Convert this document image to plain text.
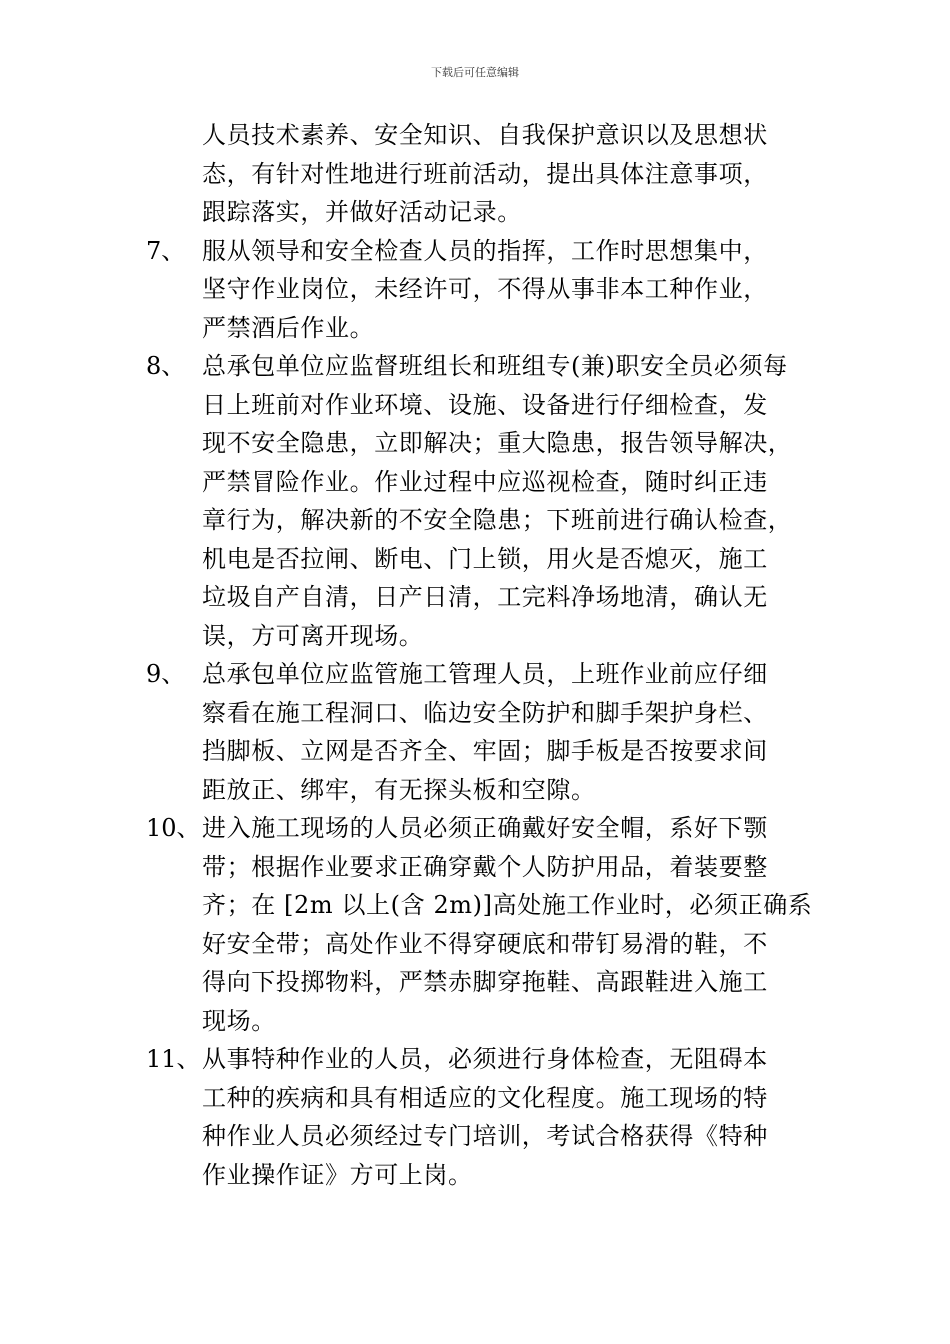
下载后可任意编辑
人员技术素养、安全知识、自我保护意识以及思想状
态，有针对性地进行班前活动，提出具体注意事项，
跟踪落实，并做好活动记录。
7、 服从领导和安全检查人员的指挥，工作时思想集中，
坚守作业岗位，未经许可，不得从事非本工种作业，
严禁酒后作业。
8、 总承包单位应监督班组长和班组专(兼)职安全员必须每
日上班前对作业环境、设施、设备进行仔细检查，发
现不安全隐患，立即解决；重大隐患，报告领导解决，
严禁冒险作业。作业过程中应巡视检查，随时纠正违
章行为，解决新的不安全隐患；下班前进行确认检查，
机电是否拉闸、断电、门上锁，用火是否熄灭，施工
垃圾自产自清，日产日清，工完料净场地清，确认无
误，方可离开现场。
9、 总承包单位应监管施工管理人员，上班作业前应仔细
察看在施工程洞口、临边安全防护和脚手架护身栏、
挡脚板、立网是否齐全、牢固；脚手板是否按要求间
距放正、绑牢，有无探头板和空隙。
10、 进入施工现场的人员必须正确戴好安全帽，系好下颚
带；根据作业要求正确穿戴个人防护用品，着装要整
齐；在 [2m 以上(含 2m)]高处施工作业时，必须正确系
好安全带；高处作业不得穿硬底和带钉易滑的鞋，不
得向下投掷物料，严禁赤脚穿拖鞋、高跟鞋进入施工
现场。
11、 从事特种作业的人员，必须进行身体检查，无阻碍本
工种的疾病和具有相适应的文化程度。施工现场的特
种作业人员必须经过专门培训，考试合格获得《特种
作业操作证》方可上岗。
